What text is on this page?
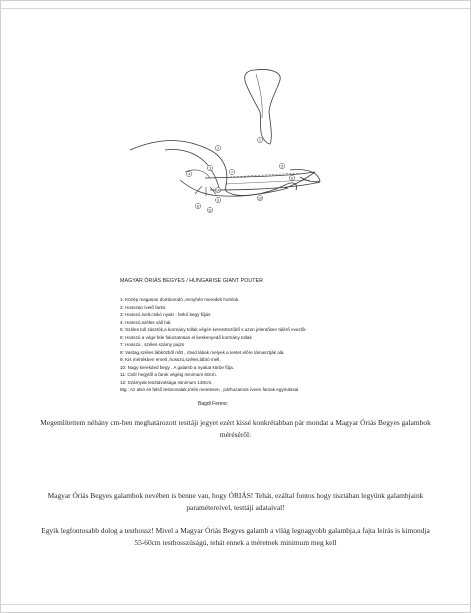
1
2
3
4
5
6
7
8
9
10
11
12
MAGYAR ÓRIÁS BEGYES / HUNGARISE GIANT POUTER
1: Közép magasan domborodó ,ennyhén meredek homlok.
2: Hosszan ívelő farkó
3: Hosszú,ívelt,csikó nyaki - farkó begy fűjás
4: Hosszú,széles váll hát
5: Széles toll zásztók,a kormány tollak végén kereszteződő s azon jelentősen túlérő evezők
6: Hosszú a vége fele fokozatosan el keskenyedő kormány tollak
7: Hosszú , széles szárny pajzs
8: Vastag,széles lábközből nőtt , rövid lábak melyek a testet előre támasztják alá.
9: Kis mértékben emelt ,hosszú,széles,lábtó mell,
10: Nagy kerekded begy . A galamb a nyakat körbe fűja.
11: Csőr hegytől a farok végéig minimum 60cm.
12: Szárnyak tesztávolsága minimum 130cm.
Mg.: Az alsó és felső testvonalak,törés mentesen , párhuzamos íveen futnak egymással.
Bagdi Ferenc
Megemlítettem néhány cm-ben meghatározott testtáji jegyet ezért kissé konkrétabban pár mondat a Magyar Óriás Begyes galambok méréséről:
Magyar Óriás Begyes galambok nevében is benne van, hogy ÓRIÁS! Tehát, ezáltal fontos hogy tisztában legyünk galambjaink paramétereivel, testtáji adataival!
Egyik legfontosabb dolog a testhossz! Mivel a Magyar Óriás Begyes galamb a világ legnagyobb galambja,a fajta leírás is kimondja 55-60cm testhosszúságú, tehát ennek a méretnek minimum meg kell
